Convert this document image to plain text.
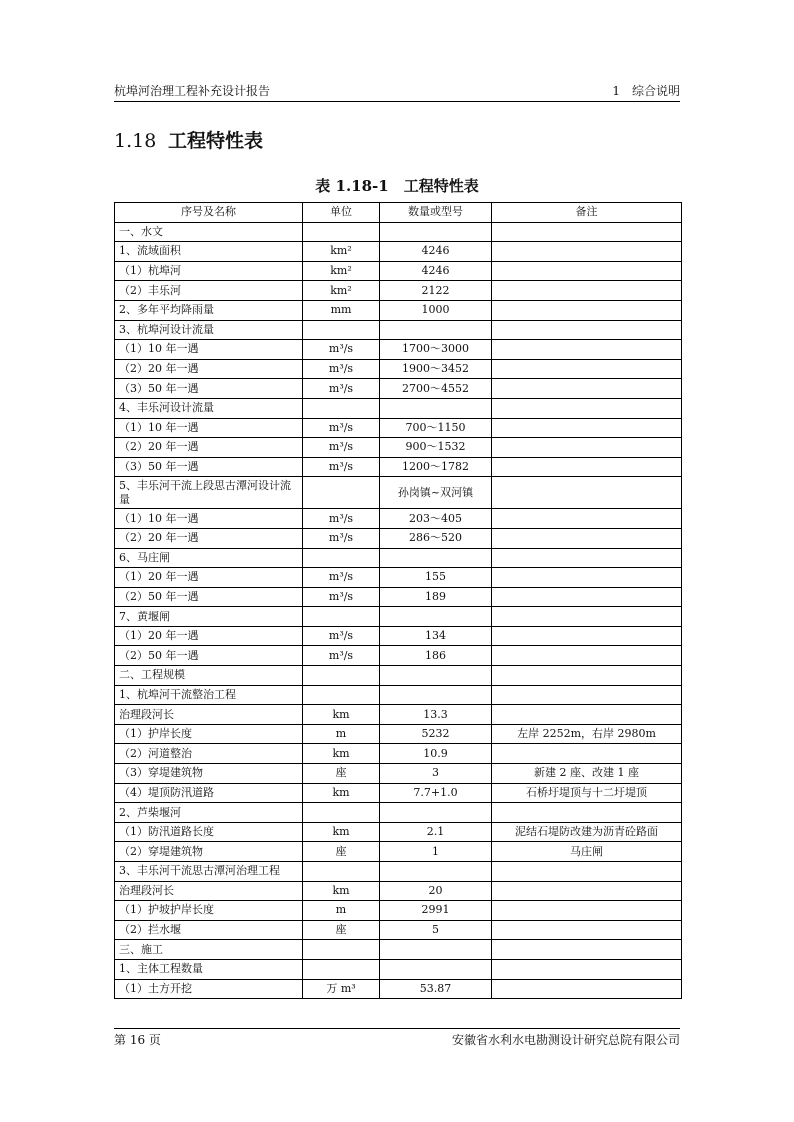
杭埠河治理工程补充设计报告	1　综合说明
1.18 工程特性表
表 1.18-1　工程特性表
序号及名称	单位	数量或型号	备注
一、水文			
1、流域面积	km²	4246	
（1）杭埠河	km²	4246	
（2）丰乐河	km²	2122	
2、多年平均降雨量	mm	1000	
3、杭埠河设计流量			
（1）10 年一遇	m³/s	1700～3000	
（2）20 年一遇	m³/s	1900～3452	
（3）50 年一遇	m³/s	2700～4552	
4、丰乐河设计流量			
（1）10 年一遇	m³/s	700～1150	
（2）20 年一遇	m³/s	900～1532	
（3）50 年一遇	m³/s	1200～1782	
5、丰乐河干流上段思古潭河设计流量		孙岗镇~双河镇	
（1）10 年一遇	m³/s	203～405	
（2）20 年一遇	m³/s	286～520	
6、马庄闸			
（1）20 年一遇	m³/s	155	
（2）50 年一遇	m³/s	189	
7、黄堰闸			
（1）20 年一遇	m³/s	134	
（2）50 年一遇	m³/s	186	
二、工程规模			
1、杭埠河干流整治工程			
治理段河长	km	13.3	
（1）护岸长度	m	5232	左岸 2252m，右岸 2980m
（2）河道整治	km	10.9	
（3）穿堤建筑物	座	3	新建 2 座、改建 1 座
（4）堤顶防汛道路	km	7.7+1.0	石桥圩堤顶与十二圩堤顶
2、芦柴堰河			
（1）防汛道路长度	km	2.1	泥结石堤防改建为沥青砼路面
（2）穿堤建筑物	座	1	马庄闸
3、丰乐河干流思古潭河治理工程			
治理段河长	km	20	
（1）护坡护岸长度	m	2991	
（2）拦水堰	座	5	
三、施工			
1、主体工程数量			
（1）土方开挖	万 m³	53.87	
第 16 页	安徽省水利水电勘测设计研究总院有限公司
